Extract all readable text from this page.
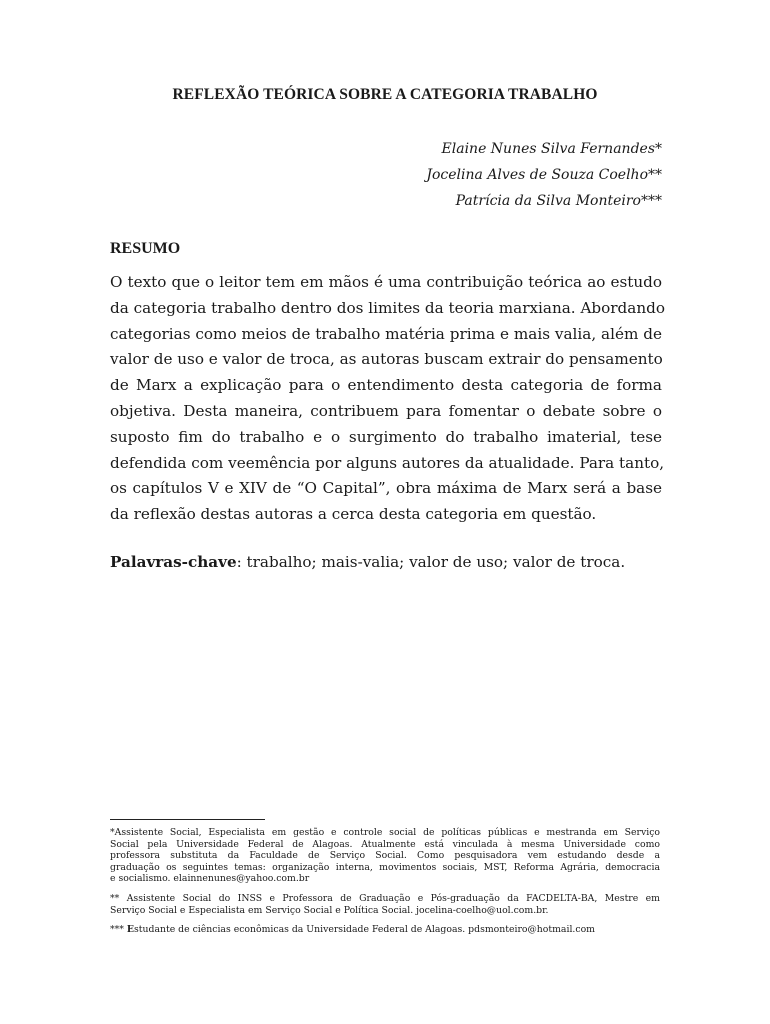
REFLEXÃO TEÓRICA SOBRE A CATEGORIA TRABALHO
Elaine Nunes Silva Fernandes*
Jocelina Alves de Souza Coelho**
Patrícia da Silva Monteiro***
RESUMO
O texto que o leitor tem em mãos é uma contribuição teórica ao estudo
da categoria trabalho dentro dos limites da teoria marxiana. Abordando
categorias como meios de trabalho matéria prima e mais valia, além de
valor de uso e valor de troca, as autoras buscam extrair do pensamento
de Marx a explicação para o entendimento desta categoria de forma
objetiva. Desta maneira, contribuem para fomentar o debate sobre o
suposto fim do trabalho e o surgimento do trabalho imaterial, tese
defendida com veemência por alguns autores da atualidade. Para tanto,
os capítulos V e XIV de “O Capital”, obra máxima de Marx será a base
da reflexão destas autoras a cerca desta categoria em questão.
Palavras-chave: trabalho; mais-valia; valor de uso; valor de troca.
*Assistente Social, Especialista em gestão e controle social de políticas públicas e mestranda em Serviço
Social pela Universidade Federal de Alagoas. Atualmente está vinculada à mesma Universidade como
professora substituta da Faculdade de Serviço Social. Como pesquisadora vem estudando desde a
graduação os seguintes temas: organização interna, movimentos sociais, MST, Reforma Agrária, democracia
e socialismo. elainnenunes@yahoo.com.br
** Assistente Social do INSS e Professora de Graduação e Pós-graduação da FACDELTA-BA, Mestre em
Serviço Social e Especialista em Serviço Social e Política Social. jocelina-coelho@uol.com.br.
*** Estudante de ciências econômicas da Universidade Federal de Alagoas. pdsmonteiro@hotmail.com
